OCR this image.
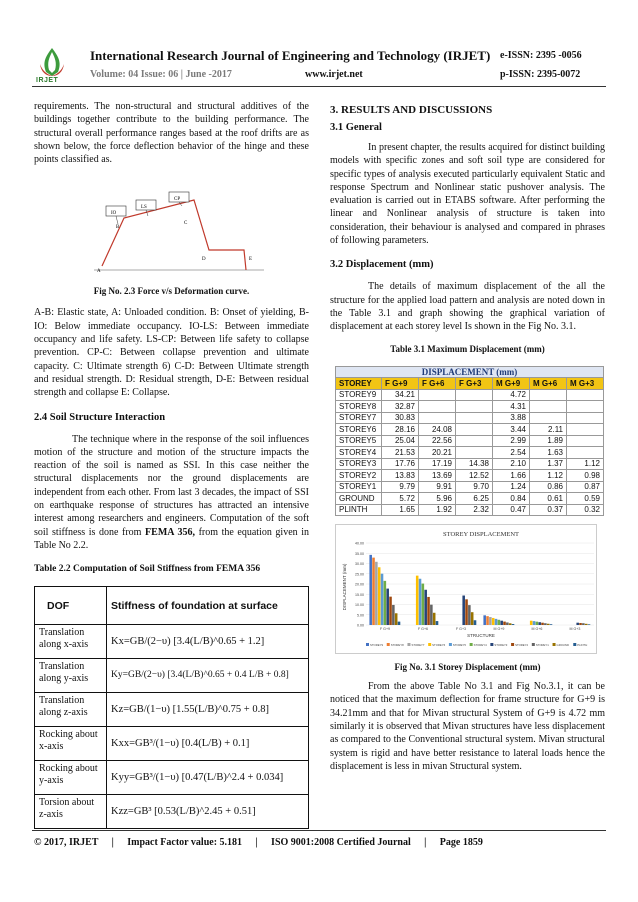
IRJET
International Research Journal of Engineering and Technology (IRJET) e-ISSN: 2395 -0056
Volume: 04 Issue: 06 | June -2017	www.irjet.net	p-ISSN: 2395-0072

requirements. The non-structural and structural additives of the buildings together contribute to the building performance. The structural overall performance ranges based at the roof drifts are as shown below, the force deflection behavior of the hinge and these points classified as.

IO
LS
CP
A
B
C
D	E

Fig No. 2.3 Force v/s Deformation curve.

A-B: Elastic state, A: Unloaded condition. B: Onset of yielding, B-IO: Below immediate occupancy. IO-LS: Between immediate occupancy and life safety. LS-CP: Between life safety to collapse prevention. CP-C: Between collapse prevention and ultimate capacity. C: Ultimate strength 6) C-D: Between Ultimate strength and residual strength. D: Residual strength, D-E: Between residual strength and collapse E: Collapse.

2.4 Soil Structure Interaction

The technique where in the response of the soil influences motion of the structure and motion of the structure impacts the reaction of the soil is named as SSI. In this case neither the structural displacements nor the ground displacements are independent from each other. From last 3 decades, the impact of SSI on earthquake response of structures has attracted an intensive interest among researchers and engineers. Computation of the soft soil stiffness is done from FEMA 356, from the equation given in Table No 2.2.

Table 2.2 Computation of Soil Stiffness from FEMA 356

DOF	Stiffness of foundation at surface
Translation along x-axis	Kx=GB/(2−υ) [3.4(L/B)^0.65 + 1.2]
Translation along y-axis	Ky=GB/(2−υ) [3.4(L/B)^0.65 + 0.4 L/B + 0.8]
Translation along z-axis	Kz=GB/(1−υ) [1.55(L/B)^0.75 + 0.8]
Rocking about x-axis	Kxx=GB³/(1−υ) [0.4(L/B) + 0.1]
Rocking about y-axis	Kyy=GB³/(1−υ) [0.47(L/B)^2.4 + 0.034]
Torsion about z-axis	Kzz=GB³ [0.53(L/B)^2.45 + 0.51]

3. RESULTS AND DISCUSSIONS

3.1 General

In present chapter, the results acquired for distinct building models with specific zones and soft soil type are considered for specific types of analysis executed particularly equivalent Static and response Spectrum and Nonlinear static pushover analysis. The evaluation is carried out in ETABS software. After performing the linear and Nonlinear analysis of structure is taken into consideration, their behaviour is analysed and compared in phrases of following parameters.

3.2 Displacement (mm)

The details of maximum displacement of the all the structure for the applied load pattern and analysis are noted down in the Table 3.1 and graph showing the graphical variation of displacement at each storey level Is shown in the Fig No. 3.1.

Table 3.1 Maximum Displacement (mm)

DISPLACEMENT (mm)						
STOREY	F G+9	F G+6	F G+3	M G+9	M G+6	M G+3
STOREY9	34.21			4.72		
STOREY8	32.87			4.31		
STOREY7	30.83			3.88		
STOREY6	28.16	24.08		3.44	2.11	
STOREY5	25.04	22.56		2.99	1.89	
STOREY4	21.53	20.21		2.54	1.63	
STOREY3	17.76	17.19	14.38	2.10	1.37	1.12
STOREY2	13.83	13.69	12.52	1.66	1.12	0.98
STOREY1	9.79	9.91	9.70	1.24	0.86	0.87
GROUND	5.72	5.96	6.25	0.84	0.61	0.59
PLINTH	1.65	1.92	2.32	0.47	0.37	0.32
STOREY DISPLACEMENT
DISPLACEMENT (mm)
STRUCTURE
0.00
5.00
10.00
15.00
20.00
25.00
30.00
35.00
40.00
F G+9	F G+6	F G+3	M G+9	M G+6	M G+3
STOREY9	STOREY8	STOREY7	STOREY6	STOREY5	STOREY4	STOREY3	STOREY2	STOREY1	GROUND	PLINTH

Fig No. 3.1 Storey Displacement (mm)

From the above Table No 3.1 and Fig No.3.1, it can be noticed that the maximum deflection for frame structure for G+9 is 34.21mm and that for Mivan structural System of G+9 is 4.72 mm similarly it is observed that Mivan structures have less displacement as compared to the Conventional structural system. Mivan structural system is rigid and have better resistance to lateral loads hence the displacement is less in mivan Structural system.

© 2017, IRJET | Impact Factor value: 5.181 | ISO 9001:2008 Certified Journal | Page 1859
